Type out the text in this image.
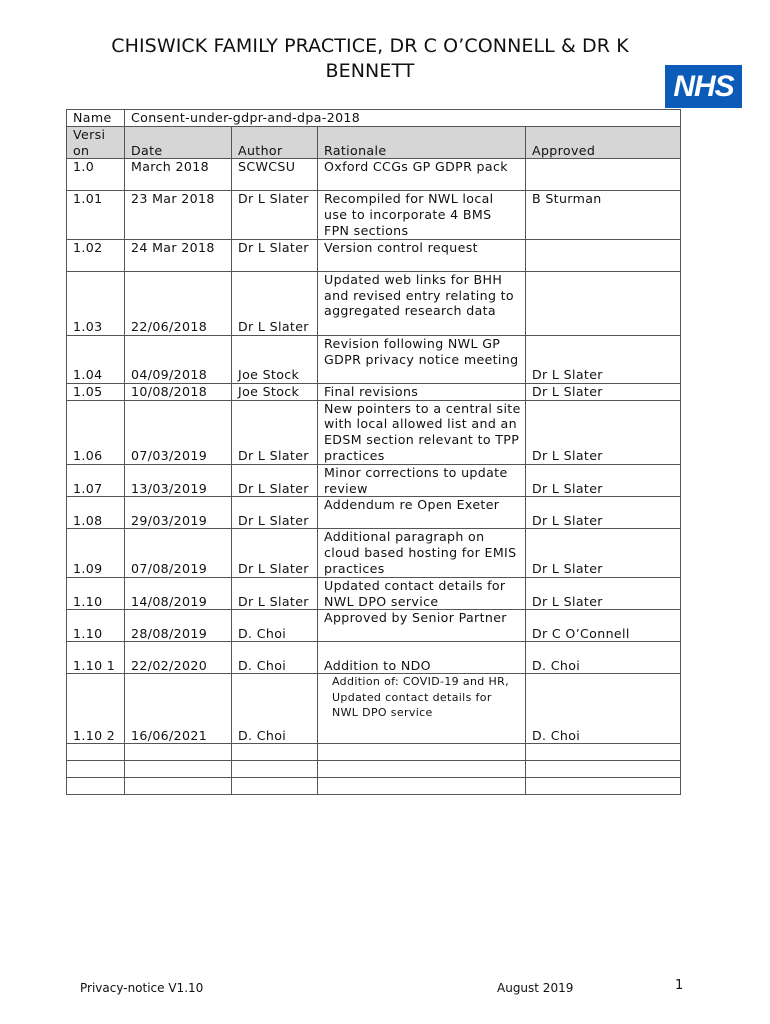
CHISWICK FAMILY PRACTICE, DR C O’CONNELL & DR K BENNETT	NHS
Name	Consent-under-gdpr-and-dpa-2018			
Versi on	Date	Author	Rationale	Approved
1.0	March 2018	SCWCSU	Oxford CCGs GP GDPR pack	
1.01	23 Mar 2018	Dr L Slater	Recompiled for NWL local use to incorporate 4 BMS FPN sections	B Sturman
1.02	24 Mar 2018	Dr L Slater	Version control request	
1.03	22/06/2018	Dr L Slater	Updated web links for BHH and revised entry relating to aggregated research data	
1.04	04/09/2018	Joe Stock	Revision following NWL GP GDPR privacy notice meeting	Dr L Slater
1.05	10/08/2018	Joe Stock	Final revisions	Dr L Slater
1.06	07/03/2019	Dr L Slater	New pointers to a central site with local allowed list and an EDSM section relevant to TPP practices	Dr L Slater
1.07	13/03/2019	Dr L Slater	Minor corrections to update review	Dr L Slater
1.08	29/03/2019	Dr L Slater	Addendum re Open Exeter	Dr L Slater
1.09	07/08/2019	Dr L Slater	Additional paragraph on cloud based hosting for EMIS practices	Dr L Slater
1.10	14/08/2019	Dr L Slater	Updated contact details for NWL DPO service	Dr L Slater
1.10	28/08/2019	D. Choi	Approved by Senior Partner	Dr C O’Connell
1.10 1	22/02/2020	D. Choi	Addition to NDO	D. Choi
1.10 2	16/06/2021	D. Choi	Addition of: COVID-19 and HR, Updated contact details for NWL DPO service	D. Choi

Privacy-notice V1.10	August 2019	1
